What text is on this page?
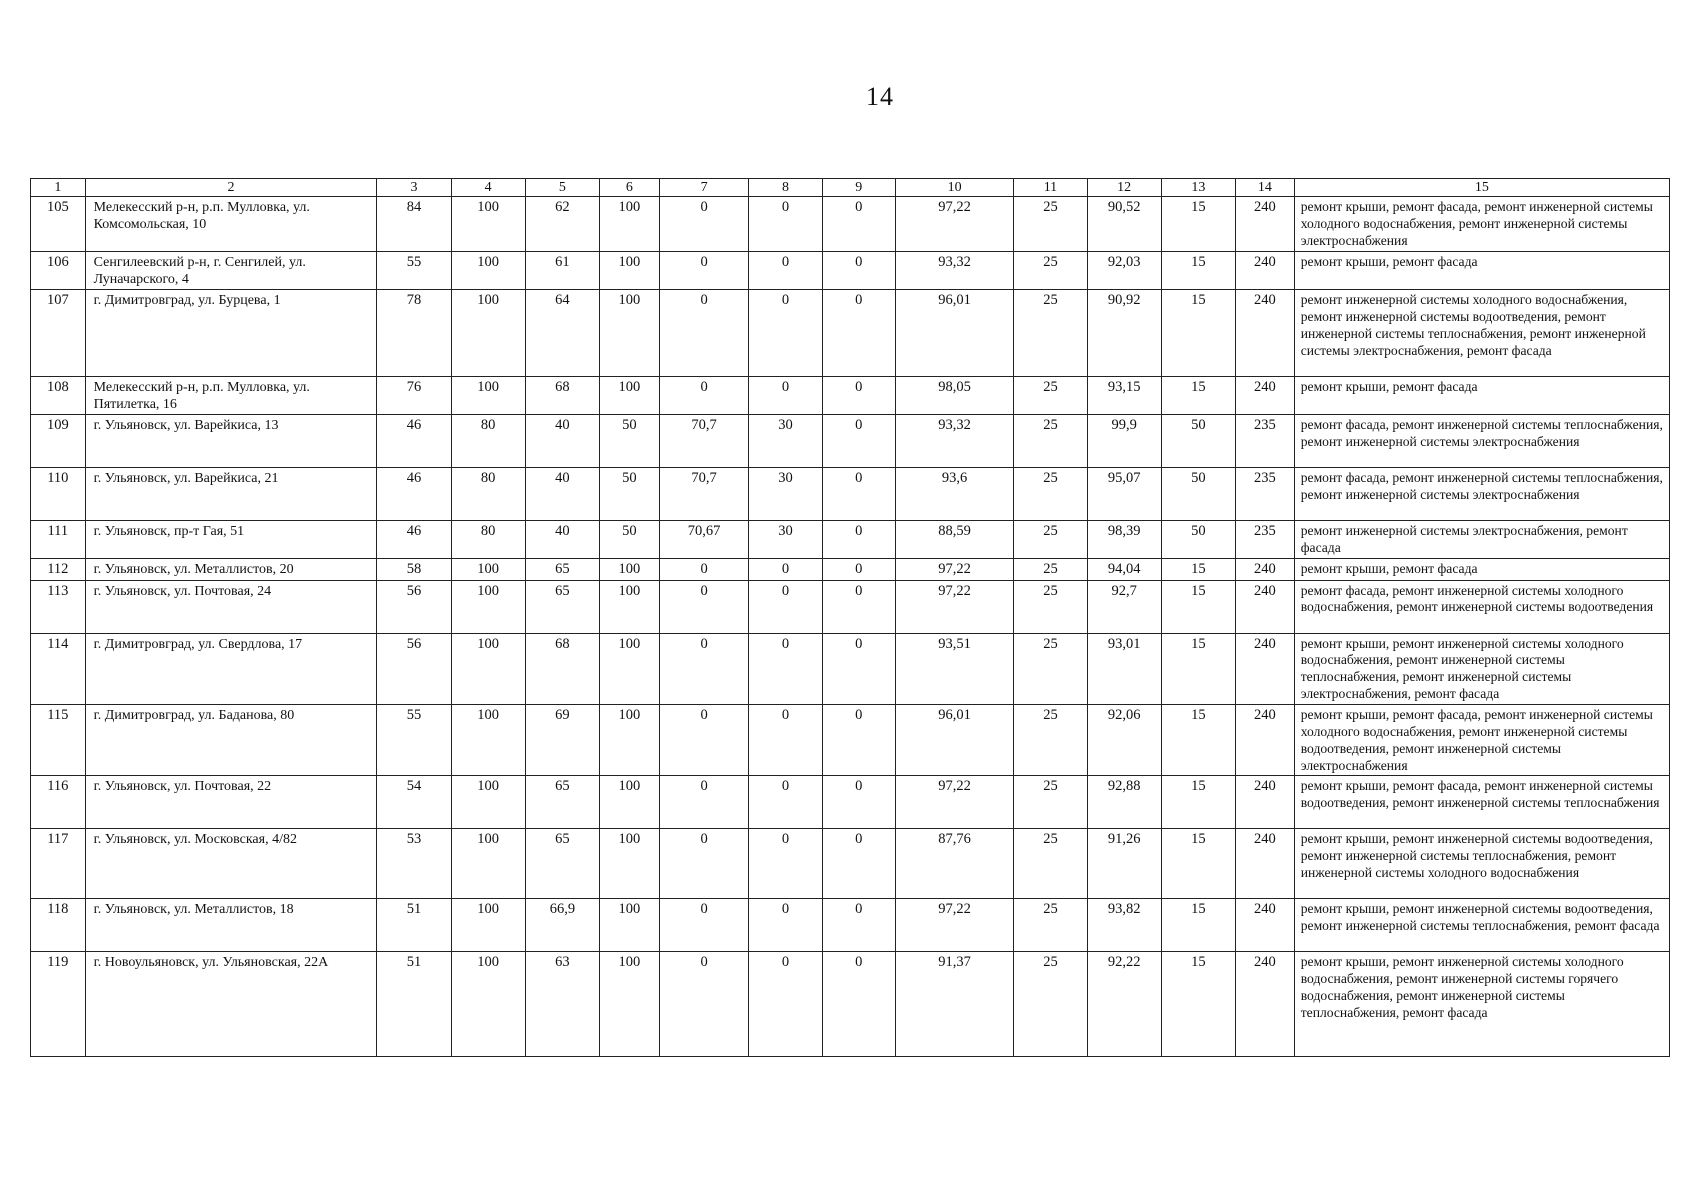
14
1	2	3	4	5	6	7	8	9	10	11	12	13	14	15
105	Мелекесский р-н, р.п. Мулловка, ул. Комсомольская, 10	84	100	62	100	0	0	0	97,22	25	90,52	15	240	ремонт крыши, ремонт фасада, ремонт инженерной системы холодного водоснабжения, ремонт инженерной системы электроснабжения
106	Сенгилеевский р-н, г. Сенгилей, ул. Луначарского, 4	55	100	61	100	0	0	0	93,32	25	92,03	15	240	ремонт крыши, ремонт фасада
107	г. Димитровград, ул. Бурцева, 1	78	100	64	100	0	0	0	96,01	25	90,92	15	240	ремонт инженерной системы холодного водоснабжения, ремонт инженерной системы водоотведения, ремонт инженерной системы теплоснабжения, ремонт инженерной системы электроснабжения, ремонт фасада
108	Мелекесский р-н, р.п. Мулловка, ул. Пятилетка, 16	76	100	68	100	0	0	0	98,05	25	93,15	15	240	ремонт крыши, ремонт фасада
109	г. Ульяновск, ул. Варейкиса, 13	46	80	40	50	70,7	30	0	93,32	25	99,9	50	235	ремонт фасада, ремонт инженерной системы теплоснабжения, ремонт инженерной системы электроснабжения
110	г. Ульяновск, ул. Варейкиса, 21	46	80	40	50	70,7	30	0	93,6	25	95,07	50	235	ремонт фасада, ремонт инженерной системы теплоснабжения, ремонт инженерной системы электроснабжения
111	г. Ульяновск, пр-т Гая, 51	46	80	40	50	70,67	30	0	88,59	25	98,39	50	235	ремонт инженерной системы электроснабжения, ремонт фасада
112	г. Ульяновск, ул. Металлистов, 20	58	100	65	100	0	0	0	97,22	25	94,04	15	240	ремонт крыши, ремонт фасада
113	г. Ульяновск, ул. Почтовая, 24	56	100	65	100	0	0	0	97,22	25	92,7	15	240	ремонт фасада, ремонт инженерной системы холодного водоснабжения, ремонт инженерной системы водоотведения
114	г. Димитровград, ул. Свердлова, 17	56	100	68	100	0	0	0	93,51	25	93,01	15	240	ремонт крыши, ремонт инженерной системы холодного водоснабжения, ремонт инженерной системы теплоснабжения, ремонт инженерной системы электроснабжения, ремонт фасада
115	г. Димитровград, ул. Баданова, 80	55	100	69	100	0	0	0	96,01	25	92,06	15	240	ремонт крыши, ремонт фасада, ремонт инженерной системы холодного водоснабжения, ремонт инженерной системы водоотведения, ремонт инженерной системы электроснабжения
116	г. Ульяновск, ул. Почтовая, 22	54	100	65	100	0	0	0	97,22	25	92,88	15	240	ремонт крыши, ремонт фасада, ремонт инженерной системы водоотведения, ремонт инженерной системы теплоснабжения
117	г. Ульяновск, ул. Московская, 4/82	53	100	65	100	0	0	0	87,76	25	91,26	15	240	ремонт крыши, ремонт инженерной системы водоотведения, ремонт инженерной системы теплоснабжения, ремонт инженерной системы холодного водоснабжения
118	г. Ульяновск, ул. Металлистов, 18	51	100	66,9	100	0	0	0	97,22	25	93,82	15	240	ремонт крыши, ремонт инженерной системы водоотведения, ремонт инженерной системы теплоснабжения, ремонт фасада
119	г. Новоульяновск, ул. Ульяновская, 22А	51	100	63	100	0	0	0	91,37	25	92,22	15	240	ремонт крыши, ремонт инженерной системы холодного водоснабжения, ремонт инженерной системы горячего водоснабжения, ремонт инженерной системы теплоснабжения, ремонт фасада
